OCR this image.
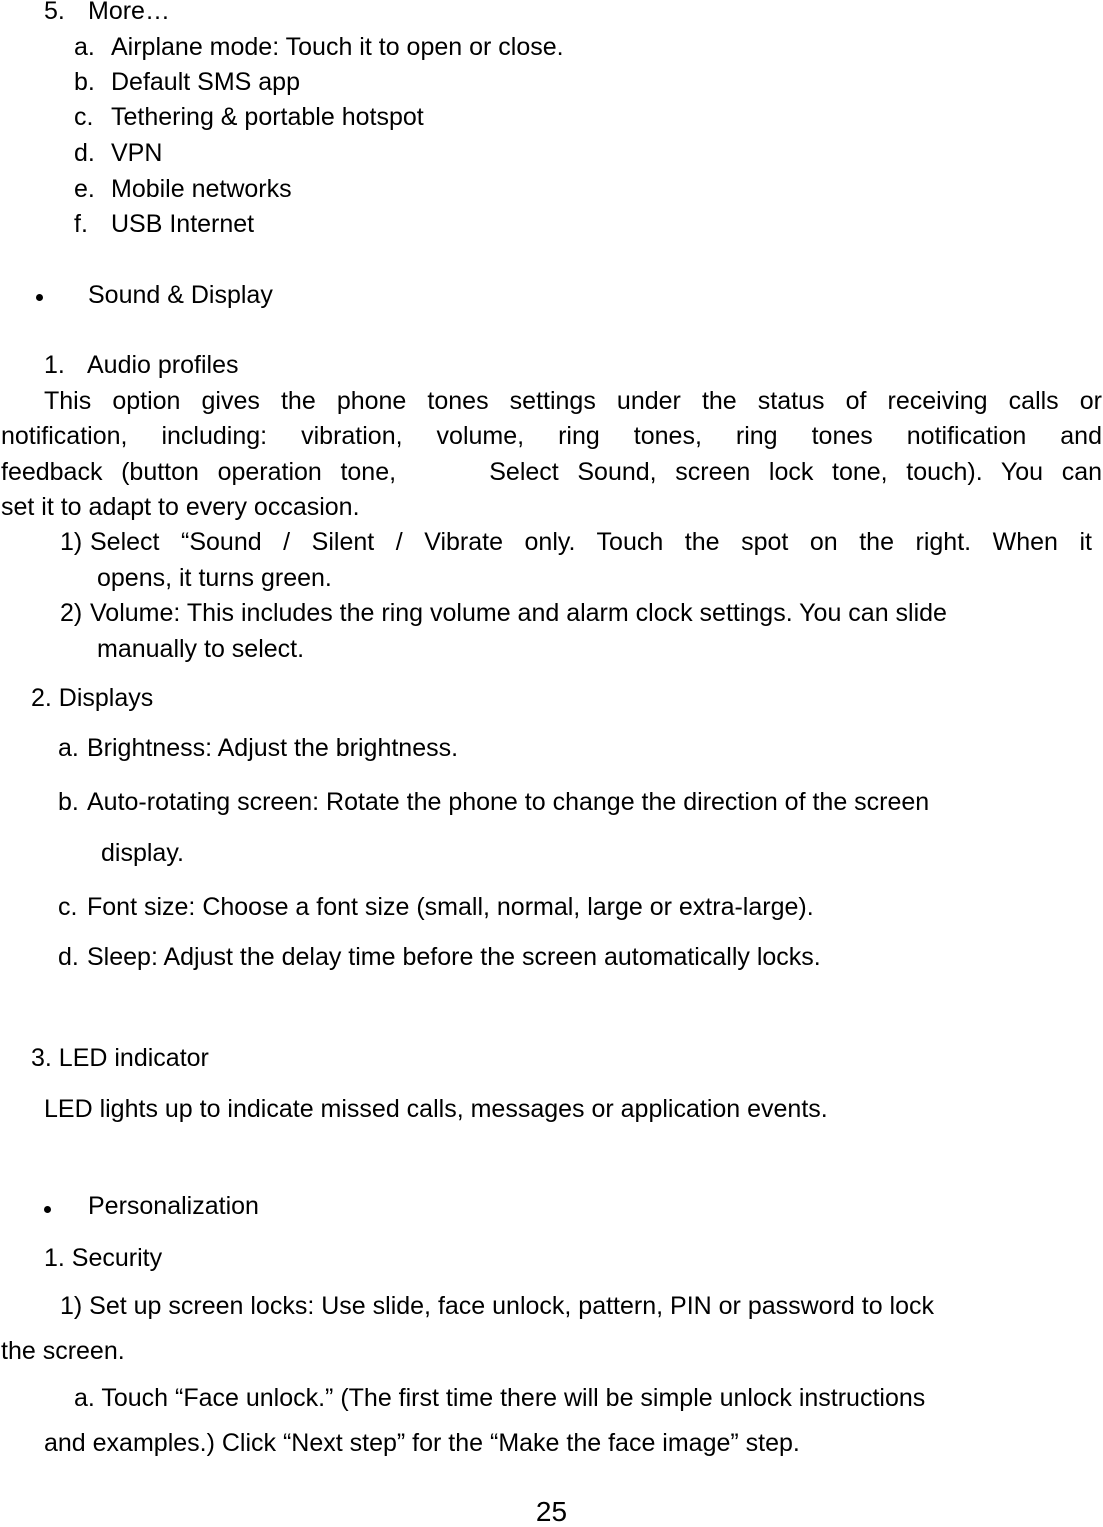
5. More…
a. Airplane mode: Touch it to open or close.
b. Default SMS app
c. Tethering & portable hotspot
d. VPN
e. Mobile networks
f. USB Internet
Sound & Display
1. Audio profiles
This option gives the phone tones settings under the status of receiving calls or
notification, including: vibration, volume, ring tones, ring tones notification and
feedback (button operation tone,     Select Sound, screen lock tone, touch). You can
set it to adapt to every occasion.
1) Select “Sound / Silent / Vibrate only. Touch the spot on the right. When it
opens, it turns green.
2) Volume: This includes the ring volume and alarm clock settings. You can slide
manually to select.
2. Displays
a. Brightness: Adjust the brightness.
b. Auto-rotating screen: Rotate the phone to change the direction of the screen
display.
c. Font size: Choose a font size (small, normal, large or extra-large).
d. Sleep: Adjust the delay time before the screen automatically locks.
3. LED indicator
LED lights up to indicate missed calls, messages or application events.
Personalization
1. Security
1) Set up screen locks: Use slide, face unlock, pattern, PIN or password to lock
the screen.
a. Touch “Face unlock.” (The first time there will be simple unlock instructions
and examples.) Click “Next step” for the “Make the face image” step.
25
